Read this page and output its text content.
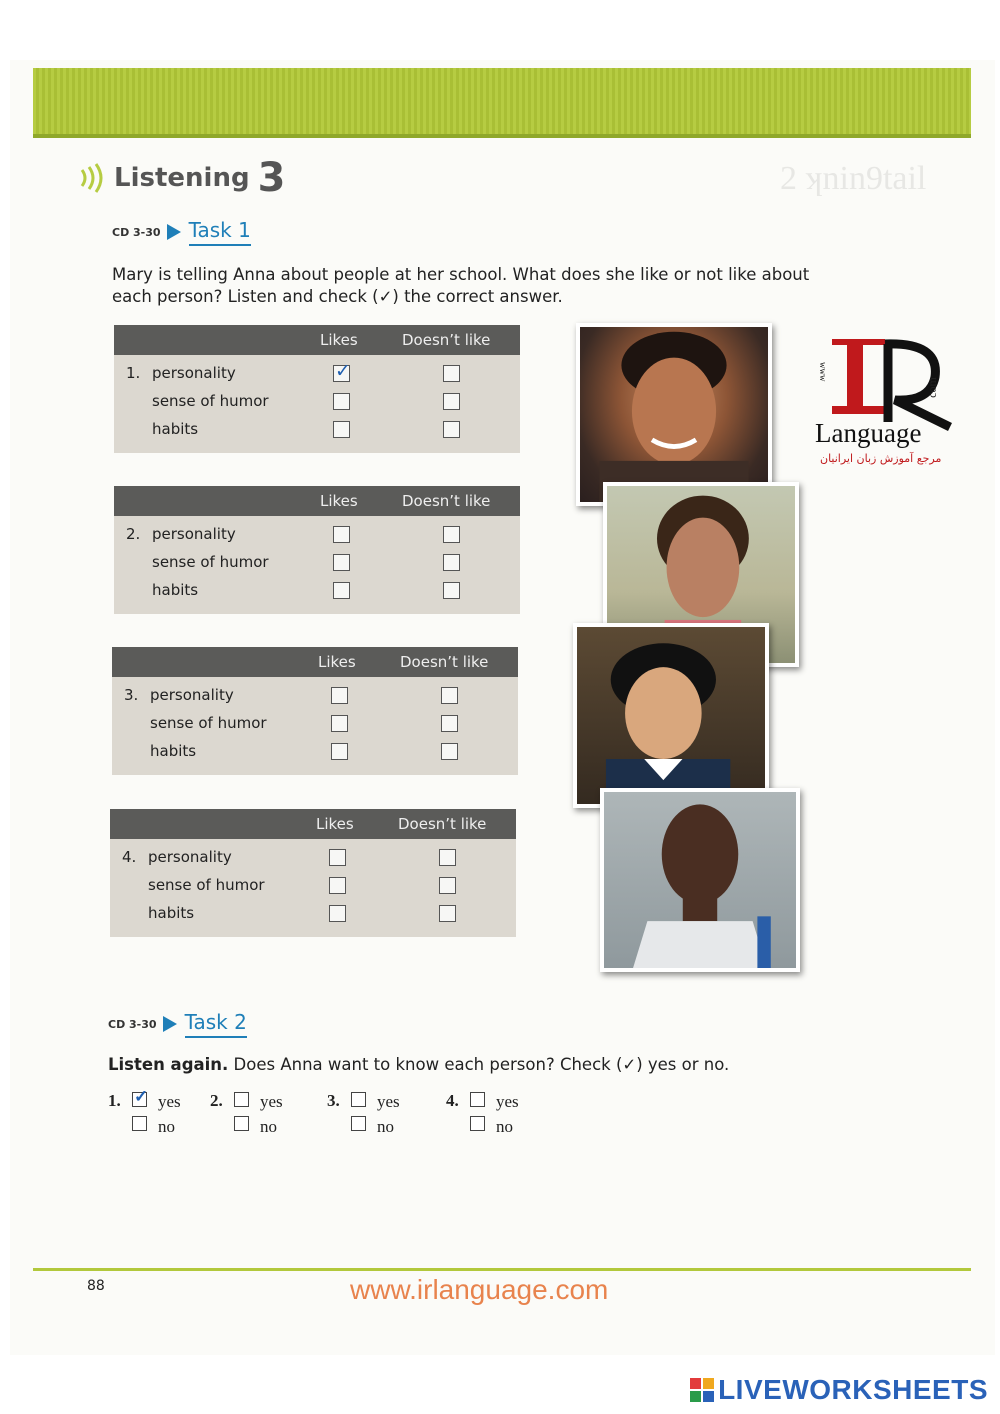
2 ʞnin9tail
Listening 3
CD 3-30 Task 1
Mary is telling Anna about people at her school. What does she like or not like about each person? Listen and check (✓) the correct answer.
Likes	Doesn’t like
1. personality
✓
sense of humor
habits
Likes	Doesn’t like
2. personality
sense of humor
habits
Likes	Doesn’t like
3. personality
sense of humor
habits
Likes	Doesn’t like
4. personality
sense of humor
habits
www
com
Language
مرجع آموزش زبان ایرانیان
CD 3-30 Task 2
Listen again. Does Anna want to know each person? Check (✓) yes or no.
1.
✓ yes
no
2. yes
no
3. yes
no
4. yes
no
88	www.irlanguage.com
LIVEWORKSHEETS
